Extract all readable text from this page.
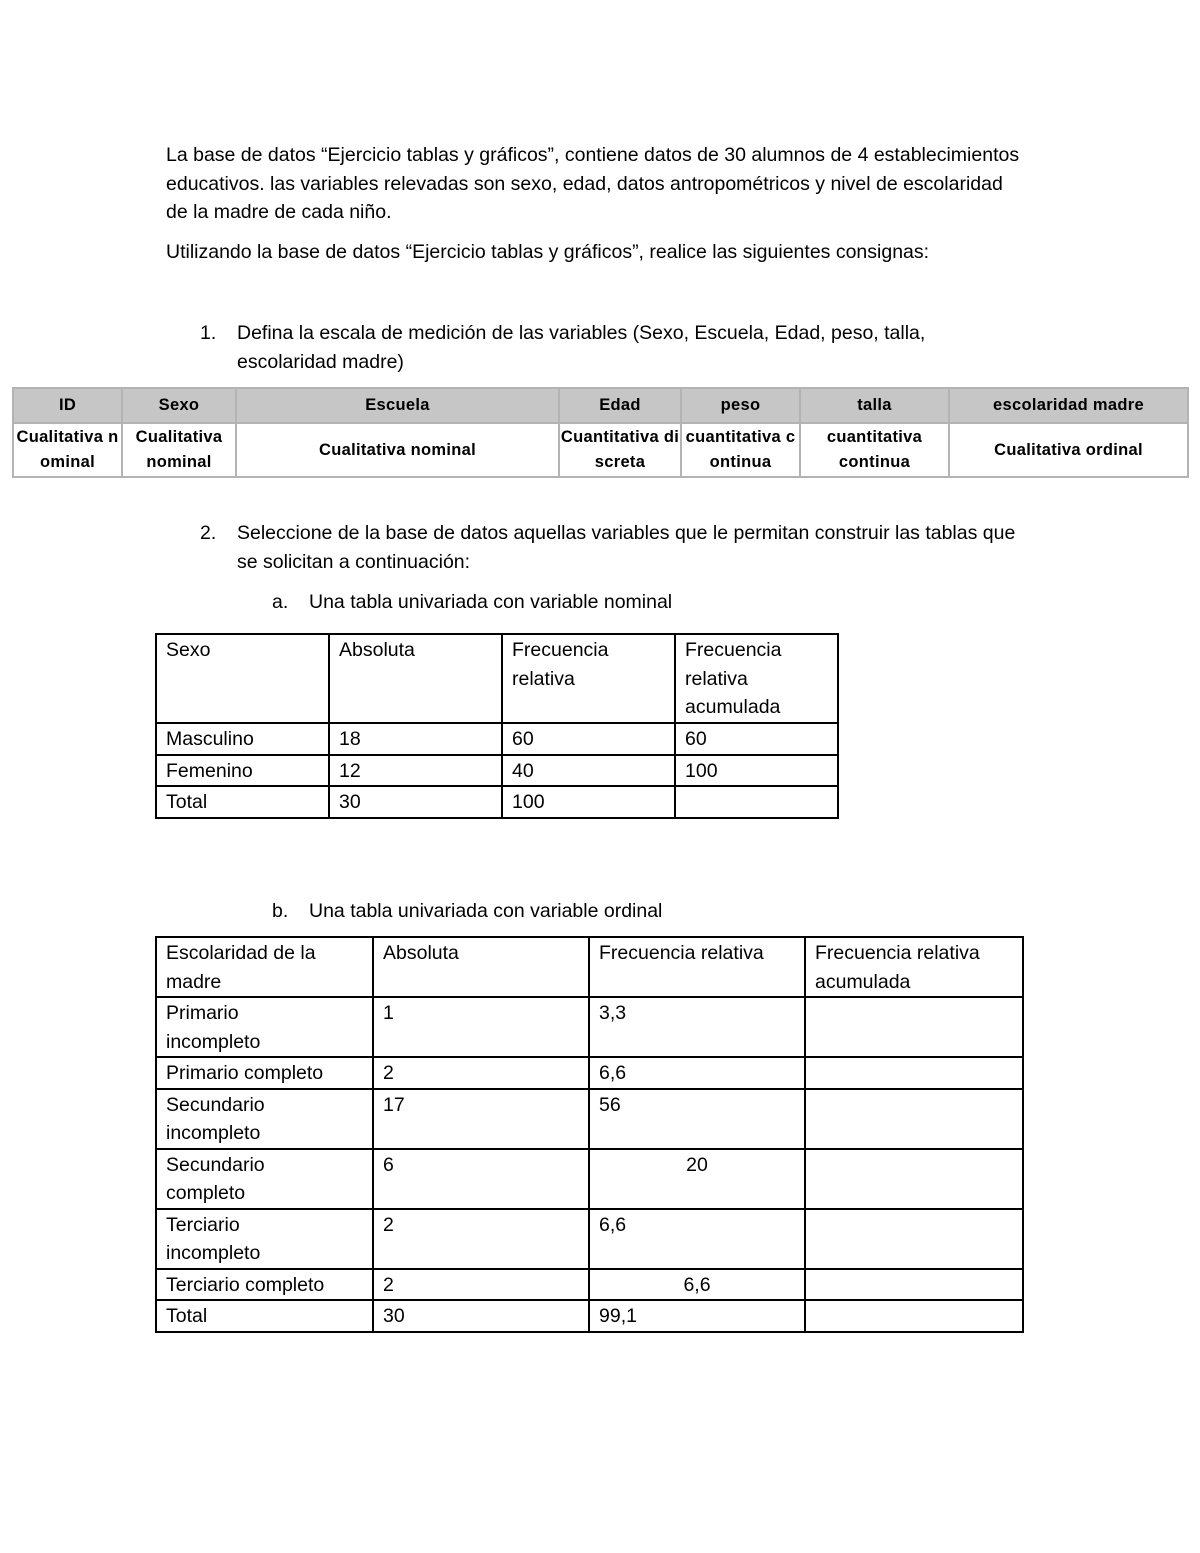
La base de datos “Ejercicio tablas y gráficos”, contiene datos de 30 alumnos de 4 establecimientos educativos. las variables relevadas son sexo, edad, datos antropométricos y nivel de escolaridad de la madre de cada niño.

Utilizando la base de datos “Ejercicio tablas y gráficos”, realice las siguientes consignas:

1. Defina la escala de medición de las variables (Sexo, Escuela, Edad, peso, talla, escolaridad madre)
ID	Sexo	Escuela	Edad	peso	talla	escolaridad madre
Cualitativa nominal	Cualitativa nominal	Cualitativa nominal	Cuantitativa discreta	cuantitativa continua	cuantitativa continua	Cualitativa ordinal
2. Seleccione de la base de datos aquellas variables que le permitan construir las tablas que se solicitan a continuación:
a. Una tabla univariada con variable nominal
Sexo	Absoluta	Frecuencia relativa	Frecuencia relativa acumulada
Masculino	18	60	60
Femenino	12	40	100
Total	30	100	
b. Una tabla univariada con variable ordinal
Escolaridad de la madre	Absoluta	Frecuencia relativa	Frecuencia relativa acumulada
Primario incompleto	1	3,3	
Primario completo	2	6,6	
Secundario incompleto	17	56	
Secundario completo	6	20	
Terciario incompleto	2	6,6	
Terciario completo	2	6,6	
Total	30	99,1	
